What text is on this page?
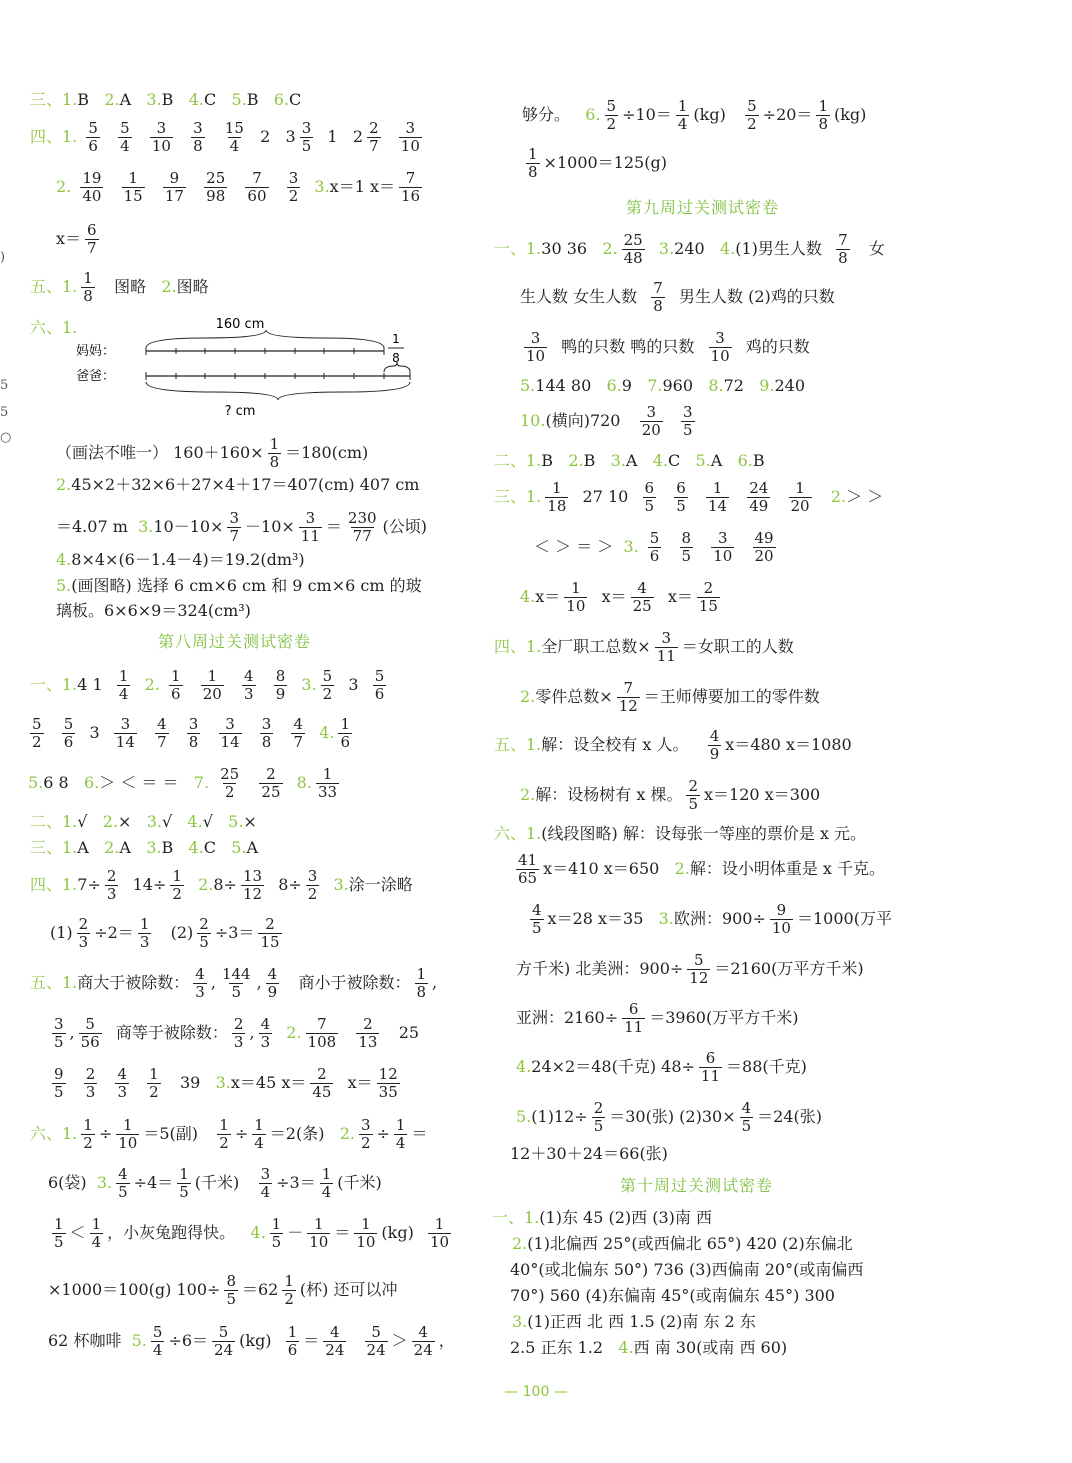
)
5
5
○
三、1.B 2.A 3.B 4.C 5.B 6.C
四、1. $\frac{5}{6}$
$\frac{5}{4}$
$\frac{3}{10}$
$\frac{3}{8}$
$\frac{15}{4} 2$ $3 \frac{3}{5} 1$ $2 \frac{2}{7}$
$\frac{3}{10}$
2. $\frac{19}{40}$
$\frac{1}{15}$
$\frac{9}{17}$
$\frac{25}{98}$
$\frac{7}{60}$
$\frac{3}{2} 3.x=1$ $x= \frac{7}{16}$
$x= \frac{6}{7}$
五、1. $\frac{1}{8}$ 图略 2.图略
六、1.	160 cm
妈妈：
爸爸：
? cm
1
8
（画法不唯一） $160+160\times \frac{1}{8} =180(cm)$
2.45×2＋32×6＋27×4＋17＝407(cm) 407 cm
＝4.07 m $3.10-10\times \frac{3}{7} -10\times \frac{3}{11} = \frac{230}{77}$ (公顷)
4.8×4×(6－1.4－4)＝19.2(dm³)
5.(画图略) 选择 6 cm×6 cm 和 9 cm×6 cm 的玻
璃板。6×6×9＝324(cm³)
第八周过关测试密卷
一、1.4 $1 \frac{1}{4} 2$. $\frac{1}{6}$
$\frac{1}{20}$
$\frac{4}{3}$
$\frac{8}{9} 3$. $\frac{5}{2} 3 \frac{5}{6}$
$\frac{5}{2}$
$\frac{5}{6} 3 \frac{3}{14}$
$\frac{4}{7}$
$\frac{3}{8}$
$\frac{3}{14}$
$\frac{3}{8}$
$\frac{4}{7} 4$. $\frac{1}{6}$
5.6 8 6.＞ ＜ ＝ ＝ 7. $\frac{25}{2}$
$\frac{2}{25} 8$. $\frac{1}{33}$
二、1.√ 2.× 3.√ 4.√ 5.×
三、1.A 2.A 3.B 4.C 5.A
四、$1.7\div \frac{2}{3} 14\div \frac{1}{2} 2.8\div \frac{13}{12} 8\div \frac{3}{2} 3$.涂一涂略
$(1) \frac{2}{3} \div 2= \frac{1}{3} (2) \frac{2}{5} \div 3= \frac{2}{15}$
五、1.商大于被除数： $\frac{4}{3}$ , $\frac{144}{5}$ , $\frac{4}{9}$ 商小于被除数： $\frac{1}{8}$ ,
$\frac{3}{5}$ , $\frac{5}{56}$ 商等于被除数： $\frac{2}{3}$ , $\frac{4}{3} 2$. $\frac{7}{108}$
$\frac{2}{13} 25$
$\frac{9}{5}$
$\frac{2}{3}$
$\frac{4}{3}$
$\frac{1}{2} 39$ 3.x＝45 $x= \frac{2}{45} x= \frac{12}{35}$
六、1. $\frac{1}{2} \div \frac{1}{10} =5$(副) $\frac{1}{2} \div \frac{1}{4} =2$(条) 2. $\frac{3}{2} \div \frac{1}{4}$ ＝
6(袋) 3. $\frac{4}{5} \div 4= \frac{1}{5}$ (千米) $\frac{3}{4} \div 3= \frac{1}{4}$ (千米)
$\frac{1}{5} < \frac{1}{4}$ ，小灰兔跑得快。 4. $\frac{1}{5} - \frac{1}{10} = \frac{1}{10} (kg) \frac{1}{10}$
×1000＝100(g) $100\div \frac{8}{5} =62 \frac{1}{2}$ (杯) 还可以冲
62 杯咖啡 5. $\frac{5}{4} \div 6= \frac{5}{24} (kg) \frac{1}{6} = \frac{4}{24}$
$\frac{5}{24} > \frac{4}{24}$ ，
够分。 6. $\frac{5}{2} \div 10= \frac{1}{4} (kg) \frac{5}{2} \div 20= \frac{1}{8} (kg)$
$\frac{1}{8} \times 1000=125(g)$
第九周过关测试密卷
一、1.30 36 2. $\frac{25}{48} 3.240$ 4.(1)男生人数 $\frac{7}{8}$ 女
生人数 女生人数 $\frac{7}{8}$ 男生人数 (2)鸡的只数
$\frac{3}{10}$ 鸭的只数 鸭的只数 $\frac{3}{10}$ 鸡的只数
5.144 80 6.9 7.960 8.72 9.240
10.(横向)$720 \frac{3}{20}$
$\frac{3}{5}$
二、1.B 2.B 3.A 4.C 5.A 6.B
三、1. $\frac{1}{18} 27$ $10 \frac{6}{5}$
$\frac{6}{5}$
$\frac{1}{14}$
$\frac{24}{49}$
$\frac{1}{20} 2.>$ ＞
＜ ＞ ＝ ＞ 3. $\frac{5}{6}$
$\frac{8}{5}$
$\frac{3}{10}$
$\frac{49}{20}$
$4.x= \frac{1}{10} x= \frac{4}{25} x= \frac{2}{15}$
四、1.全厂职工总数× $\frac{3}{11}$ ＝女职工的人数
2.零件总数× $\frac{7}{12}$ ＝王师傅要加工的零件数
五、1.解：设全校有 x 人。 $\frac{4}{9} x=480$ x＝1080
2.解：设杨树有 x 棵。 $\frac{2}{5} x=120$ x＝300
六、1.(线段图略) 解：设每张一等座的票价是 x 元。
$\frac{41}{65} x=410$ x＝650 2.解：设小明体重是 x 千克。
$\frac{4}{5} x=28$ x＝35 3.欧洲：$900\div \frac{9}{10} =1000$(万平
方千米) 北美洲：$900\div \frac{5}{12} =2160$(万平方千米)
亚洲：$2160\div \frac{6}{11} =3960$(万平方千米)
4.24×2＝48(千克) $48\div \frac{6}{11} =88$(千克)
$5.(1)12\div \frac{2}{5} =30$(张) $(2)30\times \frac{4}{5} =24$(张)
12＋30＋24＝66(张)
第十周过关测试密卷
一、1.(1)东 45 (2)西 (3)南 西
2.(1)北偏西 25°(或西偏北 65°) 420 (2)东偏北
40°(或北偏东 50°) 736 (3)西偏南 20°(或南偏西
70°) 560 (4)东偏南 45°(或南偏东 45°) 300
3.(1)正西 北 西 1.5 (2)南 东 2 东
2.5 正东 1.2 4.西 南 30(或南 西 60)
— 100 —
